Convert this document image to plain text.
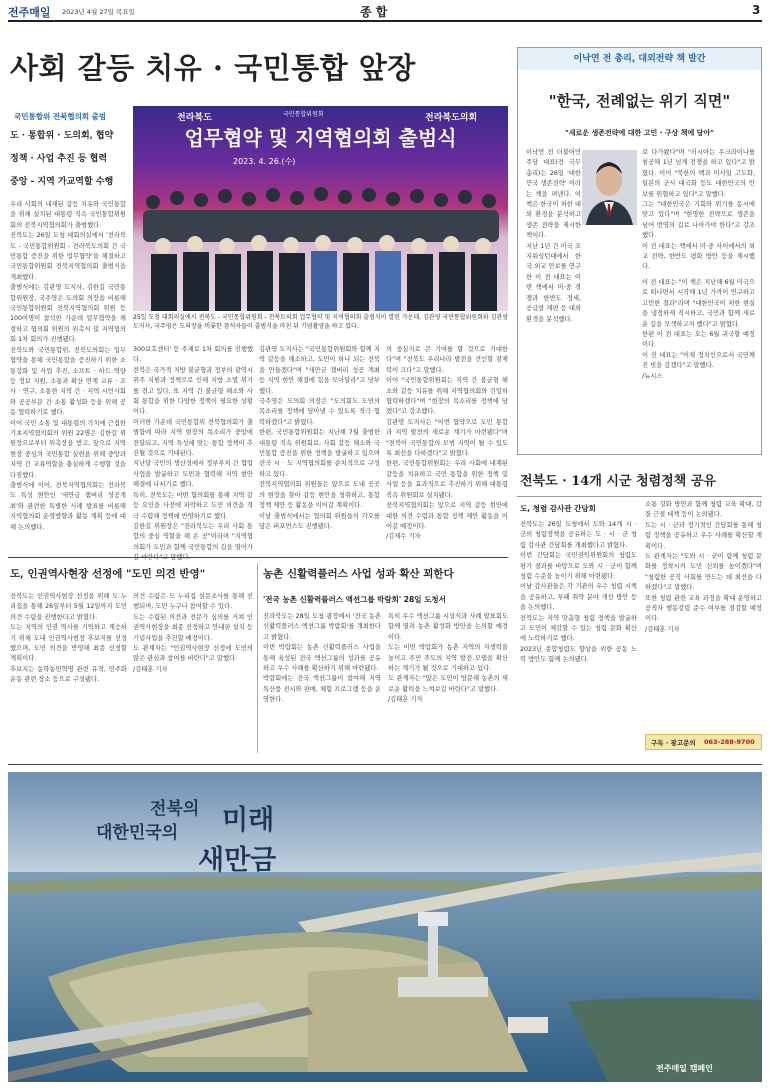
전주매일 2023년 4월 27일 목요일	종 합	3
사회 갈등 치유 · 국민통합 앞장
국민통합위 전북협의회 출범
도 · 통합위 · 도의회, 협약
정책 · 사업 추진 등 협력
중앙 - 지역 가교역할 수행
우리 사회의 내재된 갈등 치유와 국민통합을 위해 설치된 대통령 직속 국민통합위원회의 전북지역협의회가 출범했다.
전북도는 26일 도청 대회의실에서 '전라북도 - 국민통합위원회 - 전라북도의회 간 국민통합 증진을 위한 업무협약'을 체결하고 국민통합위원회 전북지역협의회 출범식을 개최했다.
출범식에는 김관영 도지사, 김한길 국민통합위원장, 국주영은 도의회 의장을 비롯해 국민통합위원회 전북지역협의회 위원 등 100여명이 참석한 가운데 업무협약을 체결하고 협의회 위원의 위촉식 및 지역협의회 1차 회의가 진행됐다.
전북도와 국민통합위, 전북도의회는 업무협약을 통해 국민통합을 증진하기 위한 소통강화 및 사업 추진, 소프트 · 하드 역량 등 정보 지원, 소통과 확산 연계 교류 · 조사 · 연구, 소통한 지역 간 · 지역 시민사회와 공공부문 간 소통 활성화 등을 위해 공동 협력하기로 했다.
이어 국민 소통 및 대통령의 가치에 근접한 기초지역협의회의 위원 22명은 김한길 위원장으로부터 위촉장을 받고, 앞으로 지역 현장 중심의 국민통합 실현을 위해 중앙과 지역 간 교류역할을 충실하게 수행할 것을 다짐했다.
출범식에 이어, 전북지역협의회는 전라북도 특성 현안인 '새만금 잼버리 성공개최'와 관련한 특별한 사례 발표를 비롯해 지역협의회 운영방향과 활동 계획 등에 대해 논의했다.
전라북도	국민통합위원회	전라북도의회
업무협약 및 지역협의회 출범식
2023. 4. 26.(수)
25일 도청 대회의실에서 전북도 - 국민통합위원회 - 전북도의회 업무협약 및 지역협의회 출범식이 열린 가운데, 김관영 국민통합위원회와 김관영 도지사, 국주영은 도의장을 비롯한 참석자들이 출범식을 마친 뒤 기념촬영을 하고 있다.
300보호센터' 등 주제로 1차 회의를 진행했다.
전북은 국가적 지방 불균형과 정부의 광역시 위주 지원과 정책으로 인해 지방 소멸 위기를 겪고 있다. 또 지역 간 불균형 해소와 사회 통합을 위한 다양한 정책이 필요한 상황이다.
이러한 가운데 국민통합위 전북협의회가 출범함에 따라 지역 현장의 목소리가 중앙에 전달되고, 지역 특성에 맞는 통합 정책이 추진될 것으로 기대된다.
지난달 국민의 생산성에서 정부부처 간 협업 사업을 발굴하고 도민과 협력해 지역 현안 해결에 나서기로 했다.
특히, 전북도는 이번 협의회를 통해 지역 갈등 요인을 사전에 파악하고 도민 의견을 적극 수렴해 정책에 반영하기로 했다.
김한길 위원장은 "전라북도는 우리 사회 통합의 중심 역할을 해 온 곳"이라며 "지역협의회가 도민과 함께 국민통합의 길을 열어가
김관영 도지사는 "국민통합위원회와 함께 지역 갈등을 해소하고, 도민이 하나 되는 전북을 만들겠다"며 "새만금 잼버리 성공 개최 등 지역 현안 해결에 힘을 모아달라"고 당부했다.
국주영은 도의회 의장은 "도의회도 도민의 목소리를 정책에 담아낼 수 있도록 적극 협력하겠다"고 밝혔다.
한편, 국민통합위원회는 지난해 7월 출범한 대통령 직속 위원회로, 사회 갈등 해소와 국민통합 증진을 위한 정책을 발굴하고 있으며 전국 시 · 도 지역협의회를 순차적으로 구성하고 있다.
전북지역협의회 위원들은 앞으로 도내 곳곳의 현장을 찾아 갈등 현안을 청취하고, 통합 정책 제안 등 활동을 이어갈 계획이다.
이날 출범식에서는 협의회 위원들의 각오를 담은 퍼포먼스도 진행됐다.
의 중심지로 큰 기여를 할 것으로 기대한다"며 "전북도 우리나라 발전을 견인할 잠재력이 크다"고 말했다.
이어 "국민통합위원회는 지역 간 불균형 해소와 갈등 치유를 위해 지역협의회와 긴밀히 협력하겠다"며 "현장의 목소리를 정책에 담겠다"고 강조했다.
김관영 도지사는 "이번 협약으로 도민 통합과 지역 발전의 새로운 계기가 마련됐다"며 "전북이 국민통합의 모범 지역이 될 수 있도록 최선을 다하겠다"고 밝혔다.
한편, 국민통합위원회는 우리 사회에 내재된 갈등을 치유하고 국민 통합을 위한 정책 및 사업 등을 효과적으로 추진하기 위해 대통령 직속 위원회로 설치됐다.
전북지역협의회는 앞으로 지역 갈등 현안에 대한 의견 수렴과 통합 정책 제안 활동을 이어갈 예정이다.
/김제수 기자
이낙연 전 총리, 대외전략 책 발간
"한국, 전례없는 위기 직면"
"새로운 생존전략에 대한 고민 · 구상 책에 담아"
이낙연 전 더불어민주당 대표(전 국무총리)는 26일 '대한민국 생존전략' 이라는 책을 펴낸다. 이 책은 한국이 처한 대외 환경을 분석하고 생존 전략을 제시한 책이다.
지난 1년 간 미국 조지워싱턴대에서 한국 외교 안보를 연구한 이 전 대표는 이번 책에서 미·중 경쟁과 한반도 정세, 공급망 재편 등 대외 환경을 분석했다.
로 다가왔다"며 "러시아는 우크라이나를 침공해 1년 넘게 전쟁을 하고 있다"고 밝혔다. 이어 "북한의 핵과 미사일 고도화, 일본의 군사 대국화 등도 대한민국의 안보를 위협하고 있다"고 말했다.
그는 "대한민국은 기회와 위기를 동시에 맞고 있다"며 "현명한 전략으로 생존을 넘어 번영의 길로 나아가야 한다"고 강조했다.
이 전 대표는 책에서 미·중 사이에서의 외교 전략, 한반도 평화 방안 등을 제시했다.
이 전 대표는 "이 책은 지난해 6월 미국으로 떠나면서 시작해 1년 가까이 연구하고 고민한 결과"라며 "대한민국이 처한 현실을 냉정하게 직시하고, 국민과 함께 새로운 길을 모색하고자 했다"고 밝혔다.
한편 이 전 대표는 오는 6월 귀국할 예정이다.
이 전 대표는 "이제 정치인으로서 국민께 진 빚을 갚겠다"고 말했다.
/뉴시스
전북도 · 14개 시군 청렴정책 공유
도, 청렴 감사관 간담회
전북도는 26일 도청에서 도와 14개 시 · 군의 청렴정책을 공유하는 도 · 시 · 군 청렴 감사관 간담회를 개최했다고 밝혔다.
이번 간담회는 국민권익위원회의 청렴도 평가 결과를 바탕으로 도와 시 · 군이 함께 청렴 수준을 높이기 위해 마련됐다.
이날 감사관들은 각 기관의 우수 청렴 시책을 공유하고, 부패 취약 분야 개선 방안 등을 논의했다.
전북도는 지역 맞춤형 청렴 정책을 발굴하고 도민이 체감할 수 있는 청렴 문화 확산에 노력하기로 했다.
2023년 종합청렴도 향상을 위한 공동 노력 방안도 함께 논의됐다.
소통 강화 방안과 함께 청렴 교육 확대, 갑질 근절 대책 등이 논의됐다.
도는 시 · 군과 정기적인 간담회를 통해 청렴 정책을 공유하고 우수 사례를 확산할 계획이다.
도 관계자는 "도와 시 · 군이 함께 청렴 문화를 정착시켜 도민 신뢰를 높이겠다"며 "청렴한 공직 사회를 만드는 데 최선을 다하겠다"고 말했다.
또한 청렴 관련 교육 과정을 확대 운영하고 공직자 행동강령 준수 여부를 점검할 예정이다.
/김태훈 기자
구독 · 광고문의 063-288-9700
도, 인권역사현장 선정에 "도민 의견 반영"
전북도는 인권역사현장 선정을 위해 도 누리집을 통해 26일부터 5월 12일까지 도민 의견 수렴을 진행한다고 밝혔다.
도는 지역의 인권 역사를 기억하고 계승하기 위해 도내 인권역사현장 후보지를 선정했으며, 도민 의견을 반영해 최종 선정할 계획이다.
후보지는 동학농민혁명 관련 유적, 민주화운동 관련 장소 등으로 구성됐다.
의견 수렴은 도 누리집 설문조사를 통해 진행되며, 도민 누구나 참여할 수 있다.
도는 수렴된 의견과 전문가 심의를 거쳐 인권역사현장을 최종 선정하고 안내판 설치 등 기념사업을 추진할 예정이다.
도 관계자는 "인권역사현장 선정에 도민의 많은 관심과 참여를 바란다"고 말했다.
/김태훈 기자
농촌 신활력플러스 사업 성과 확산 꾀한다
'전국 농촌 신활력플러스 액션그룹 박람회' 28일 도청서
전라북도는 28일 도청 광장에서 '전국 농촌 신활력플러스 액션그룹 박람회'를 개최한다고 밝혔다.
이번 박람회는 농촌 신활력플러스 사업을 통해 육성된 전국 액션그룹의 성과를 공유하고 우수 사례를 확산하기 위해 마련됐다.
박람회에는 전국 액션그룹이 참여해 지역 특산품 전시와 판매, 체험 프로그램 등을 운영한다.
특히 우수 액션그룹 시상식과 사례 발표회도 함께 열려 농촌 활성화 방안을 논의할 예정이다.
도는 이번 박람회가 농촌 지역의 자생력을 높이고 주민 주도의 지역 발전 모델을 확산하는 계기가 될 것으로 기대하고 있다.
도 관계자는 "많은 도민이 방문해 농촌의 새로운 활력을 느껴보길 바란다"고 말했다.
/김태훈 기자
전북의
대한민국의 미래
새만금
전주매일 캠페인
